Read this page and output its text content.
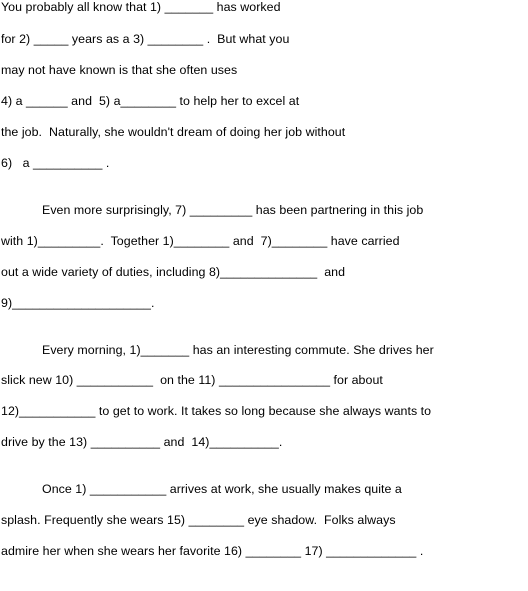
You probably all know that 1) _______ has worked
for 2) _____ years as a 3) ________ .  But what you
may not have known is that she often uses
4) a ______ and  5) a________ to help her to excel at
the job.  Naturally, she wouldn't dream of doing her job without
6)   a __________ .
Even more surprisingly, 7) _________ has been partnering in this job
with 1)_________.  Together 1)________ and  7)________ have carried
out a wide variety of duties, including 8)______________  and
9)____________________.
Every morning, 1)_______ has an interesting commute. She drives her
slick new 10) ___________  on the 11) ________________ for about
12)___________ to get to work. It takes so long because she always wants to
drive by the 13) __________ and  14)__________.
Once 1) ___________ arrives at work, she usually makes quite a
splash. Frequently she wears 15) ________ eye shadow.  Folks always
admire her when she wears her favorite 16) ________ 17) _____________ .
